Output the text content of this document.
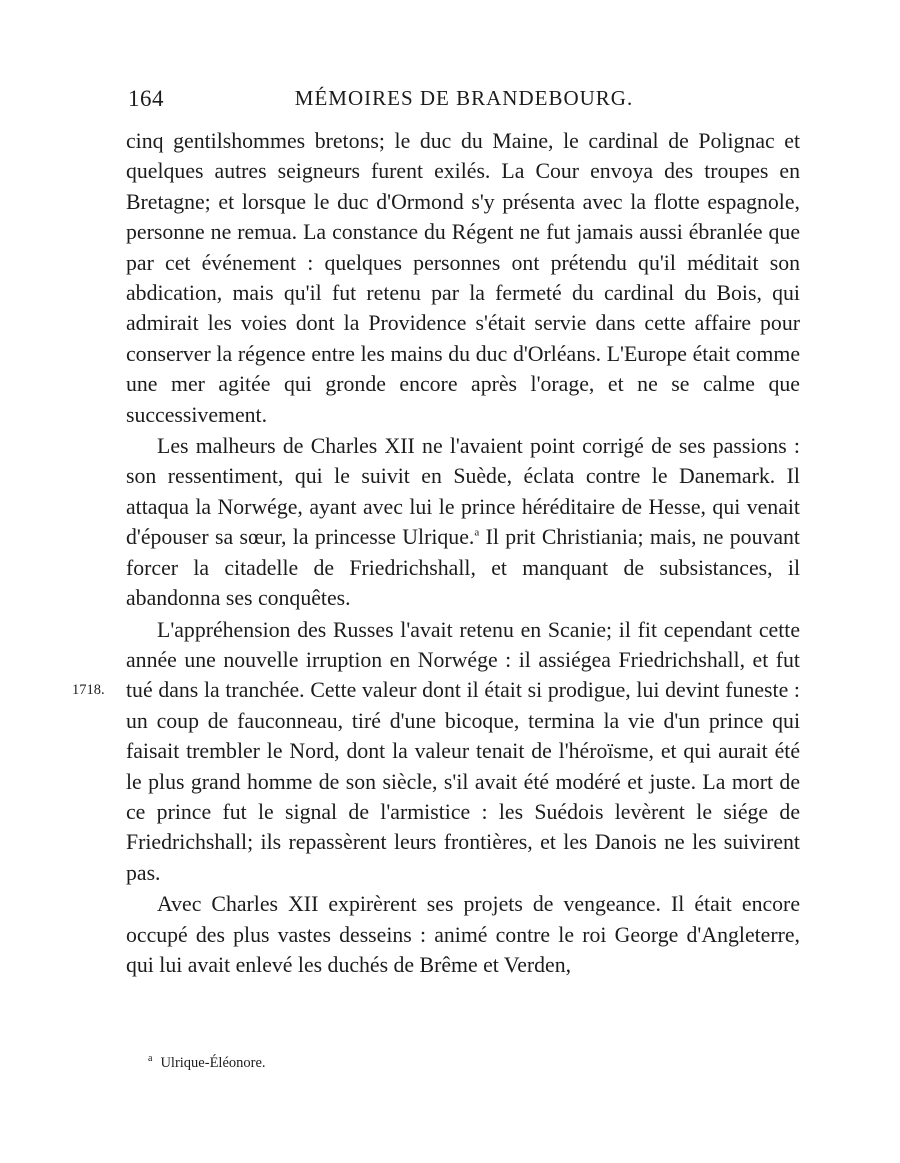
164	MÉMOIRES DE BRANDEBOURG.

cinq gentilshommes bretons; le duc du Maine, le cardinal de Polignac et quelques autres seigneurs furent exilés. La Cour envoya des troupes en Bretagne; et lorsque le duc d'Ormond s'y présenta avec la flotte espagnole, personne ne remua. La constance du Régent ne fut jamais aussi ébranlée que par cet événement : quelques personnes ont prétendu qu'il méditait son abdication, mais qu'il fut retenu par la fermeté du cardinal du Bois, qui admirait les voies dont la Providence s'était servie dans cette affaire pour conserver la régence entre les mains du duc d'Orléans. L'Europe était comme une mer agitée qui gronde encore après l'orage, et ne se calme que successivement.

Les malheurs de Charles XII ne l'avaient point corrigé de ses passions : son ressentiment, qui le suivit en Suède, éclata contre le Danemark. Il attaqua la Norwége, ayant avec lui le prince héréditaire de Hesse, qui venait d'épouser sa sœur, la princesse Ulrique.$^a$ Il prit Christiania; mais, ne pouvant forcer la citadelle de Friedrichshall, et manquant de subsistances, il abandonna ses conquêtes.

L'appréhension des Russes l'avait retenu en Scanie; il fit cependant cette année une nouvelle irruption en Norwége : il assiégea Friedrichshall, et fut tué dans la tranchée. Cette valeur dont il était si prodigue, lui devint funeste : un coup de fauconneau, tiré d'une bicoque, termina la vie d'un prince qui faisait trembler le Nord, dont la valeur tenait de l'héroïsme, et qui aurait été le plus grand homme de son siècle, s'il avait été modéré et juste. La mort de ce prince fut le signal de l'armistice : les Suédois levèrent le siége de Friedrichshall; ils repassèrent leurs frontières, et les Danois ne les suivirent pas.

Avec Charles XII expirèrent ses projets de vengeance. Il était encore occupé des plus vastes desseins : animé contre le roi George d'Angleterre, qui lui avait enlevé les duchés de Brême et Verden,

1718.
$^a$ Ulrique-Éléonore.
